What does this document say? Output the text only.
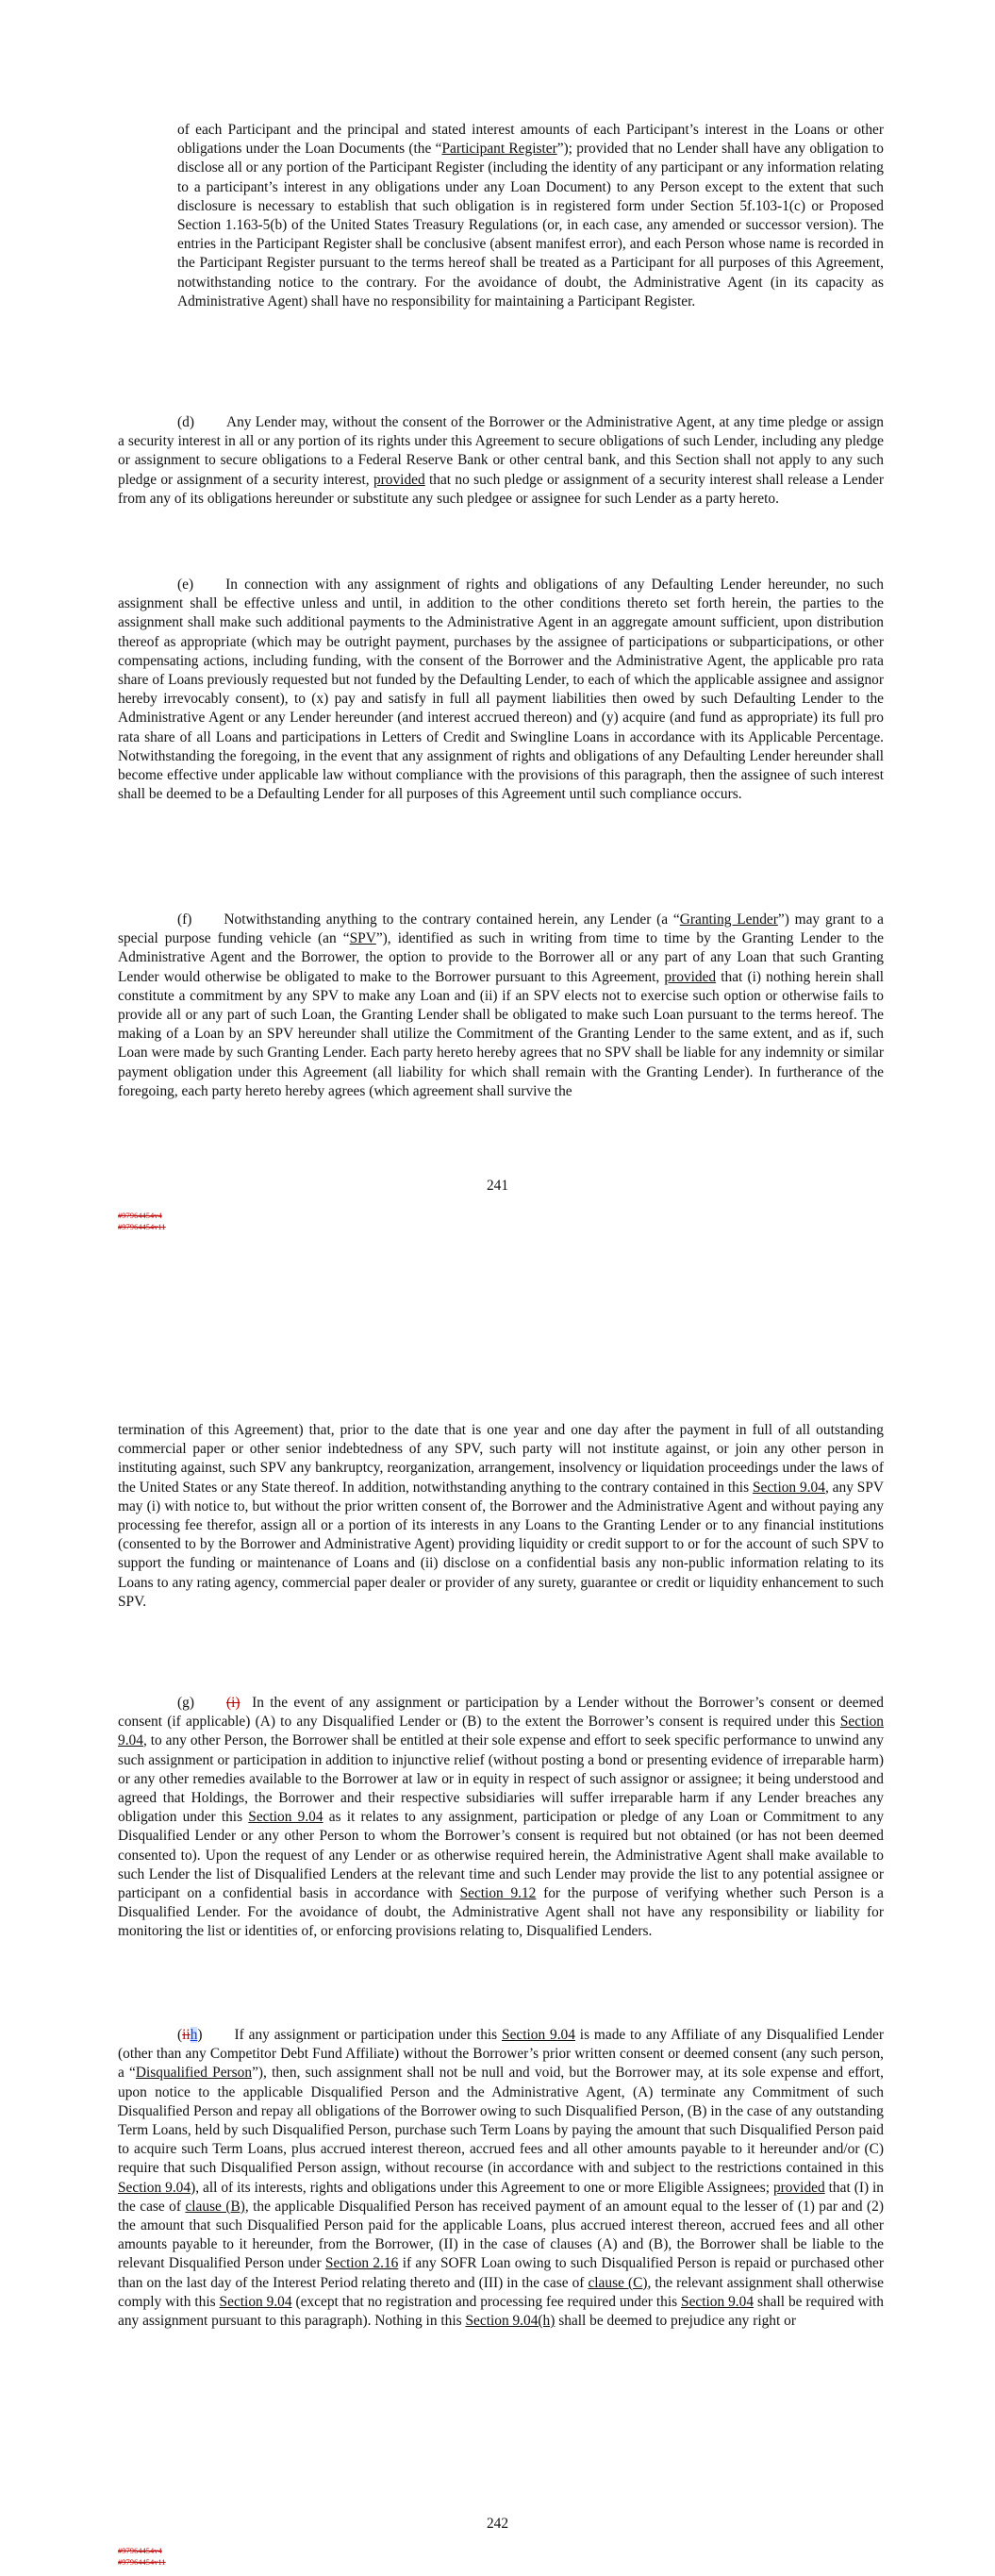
of each Participant and the principal and stated interest amounts of each Participant’s interest in the Loans or other obligations under the Loan Documents (the “Participant Register”); provided that no Lender shall have any obligation to disclose all or any portion of the Participant Register (including the identity of any participant or any information relating to a participant’s interest in any obligations under any Loan Document) to any Person except to the extent that such disclosure is necessary to establish that such obligation is in registered form under Section 5f.103-1(c) or Proposed Section 1.163-5(b) of the United States Treasury Regulations (or, in each case, any amended or successor version). The entries in the Participant Register shall be conclusive (absent manifest error), and each Person whose name is recorded in the Participant Register pursuant to the terms hereof shall be treated as a Participant for all purposes of this Agreement, notwithstanding notice to the contrary. For the avoidance of doubt, the Administrative Agent (in its capacity as Administrative Agent) shall have no responsibility for maintaining a Participant Register.

(d) Any Lender may, without the consent of the Borrower or the Administrative Agent, at any time pledge or assign a security interest in all or any portion of its rights under this Agreement to secure obligations of such Lender, including any pledge or assignment to secure obligations to a Federal Reserve Bank or other central bank, and this Section shall not apply to any such pledge or assignment of a security interest, provided that no such pledge or assignment of a security interest shall release a Lender from any of its obligations hereunder or substitute any such pledgee or assignee for such Lender as a party hereto.

(e) In connection with any assignment of rights and obligations of any Defaulting Lender hereunder, no such assignment shall be effective unless and until, in addition to the other conditions thereto set forth herein, the parties to the assignment shall make such additional payments to the Administrative Agent in an aggregate amount sufficient, upon distribution thereof as appropriate (which may be outright payment, purchases by the assignee of participations or subparticipations, or other compensating actions, including funding, with the consent of the Borrower and the Administrative Agent, the applicable pro rata share of Loans previously requested but not funded by the Defaulting Lender, to each of which the applicable assignee and assignor hereby irrevocably consent), to (x) pay and satisfy in full all payment liabilities then owed by such Defaulting Lender to the Administrative Agent or any Lender hereunder (and interest accrued thereon) and (y) acquire (and fund as appropriate) its full pro rata share of all Loans and participations in Letters of Credit and Swingline Loans in accordance with its Applicable Percentage. Notwithstanding the foregoing, in the event that any assignment of rights and obligations of any Defaulting Lender hereunder shall become effective under applicable law without compliance with the provisions of this paragraph, then the assignee of such interest shall be deemed to be a Defaulting Lender for all purposes of this Agreement until such compliance occurs.

(f) Notwithstanding anything to the contrary contained herein, any Lender (a “Granting Lender”) may grant to a special purpose funding vehicle (an “SPV”), identified as such in writing from time to time by the Granting Lender to the Administrative Agent and the Borrower, the option to provide to the Borrower all or any part of any Loan that such Granting Lender would otherwise be obligated to make to the Borrower pursuant to this Agreement, provided that (i) nothing herein shall constitute a commitment by any SPV to make any Loan and (ii) if an SPV elects not to exercise such option or otherwise fails to provide all or any part of such Loan, the Granting Lender shall be obligated to make such Loan pursuant to the terms hereof. The making of a Loan by an SPV hereunder shall utilize the Commitment of the Granting Lender to the same extent, and as if, such Loan were made by such Granting Lender. Each party hereto hereby agrees that no SPV shall be liable for any indemnity or similar payment obligation under this Agreement (all liability for which shall remain with the Granting Lender). In furtherance of the foregoing, each party hereto hereby agrees (which agreement shall survive the

241

#97964454v4

#97964454v11

termination of this Agreement) that, prior to the date that is one year and one day after the payment in full of all outstanding commercial paper or other senior indebtedness of any SPV, such party will not institute against, or join any other person in instituting against, such SPV any bankruptcy, reorganization, arrangement, insolvency or liquidation proceedings under the laws of the United States or any State thereof. In addition, notwithstanding anything to the contrary contained in this Section 9.04, any SPV may (i) with notice to, but without the prior written consent of, the Borrower and the Administrative Agent and without paying any processing fee therefor, assign all or a portion of its interests in any Loans to the Granting Lender or to any financial institutions (consented to by the Borrower and Administrative Agent) providing liquidity or credit support to or for the account of such SPV to support the funding or maintenance of Loans and (ii) disclose on a confidential basis any non-public information relating to its Loans to any rating agency, commercial paper dealer or provider of any surety, guarantee or credit or liquidity enhancement to such SPV.

(g) (i) In the event of any assignment or participation by a Lender without the Borrower’s consent or deemed consent (if applicable) (A) to any Disqualified Lender or (B) to the extent the Borrower’s consent is required under this Section 9.04, to any other Person, the Borrower shall be entitled at their sole expense and effort to seek specific performance to unwind any such assignment or participation in addition to injunctive relief (without posting a bond or presenting evidence of irreparable harm) or any other remedies available to the Borrower at law or in equity in respect of such assignor or assignee; it being understood and agreed that Holdings, the Borrower and their respective subsidiaries will suffer irreparable harm if any Lender breaches any obligation under this Section 9.04 as it relates to any assignment, participation or pledge of any Loan or Commitment to any Disqualified Lender or any other Person to whom the Borrower’s consent is required but not obtained (or has not been deemed consented to). Upon the request of any Lender or as otherwise required herein, the Administrative Agent shall make available to such Lender the list of Disqualified Lenders at the relevant time and such Lender may provide the list to any potential assignee or participant on a confidential basis in accordance with Section 9.12 for the purpose of verifying whether such Person is a Disqualified Lender. For the avoidance of doubt, the Administrative Agent shall not have any responsibility or liability for monitoring the list or identities of, or enforcing provisions relating to, Disqualified Lenders.

(iih) If any assignment or participation under this Section 9.04 is made to any Affiliate of any Disqualified Lender (other than any Competitor Debt Fund Affiliate) without the Borrower’s prior written consent or deemed consent (any such person, a “Disqualified Person”), then, such assignment shall not be null and void, but the Borrower may, at its sole expense and effort, upon notice to the applicable Disqualified Person and the Administrative Agent, (A) terminate any Commitment of such Disqualified Person and repay all obligations of the Borrower owing to such Disqualified Person, (B) in the case of any outstanding Term Loans, held by such Disqualified Person, purchase such Term Loans by paying the amount that such Disqualified Person paid to acquire such Term Loans, plus accrued interest thereon, accrued fees and all other amounts payable to it hereunder and/or (C) require that such Disqualified Person assign, without recourse (in accordance with and subject to the restrictions contained in this Section 9.04), all of its interests, rights and obligations under this Agreement to one or more Eligible Assignees; provided that (I) in the case of clause (B), the applicable Disqualified Person has received payment of an amount equal to the lesser of (1) par and (2) the amount that such Disqualified Person paid for the applicable Loans, plus accrued interest thereon, accrued fees and all other amounts payable to it hereunder, from the Borrower, (II) in the case of clauses (A) and (B), the Borrower shall be liable to the relevant Disqualified Person under Section 2.16 if any SOFR Loan owing to such Disqualified Person is repaid or purchased other than on the last day of the Interest Period relating thereto and (III) in the case of clause (C), the relevant assignment shall otherwise comply with this Section 9.04 (except that no registration and processing fee required under this Section 9.04 shall be required with any assignment pursuant to this paragraph). Nothing in this Section 9.04(h) shall be deemed to prejudice any right or

242

#97964454v4

#97964454v11
